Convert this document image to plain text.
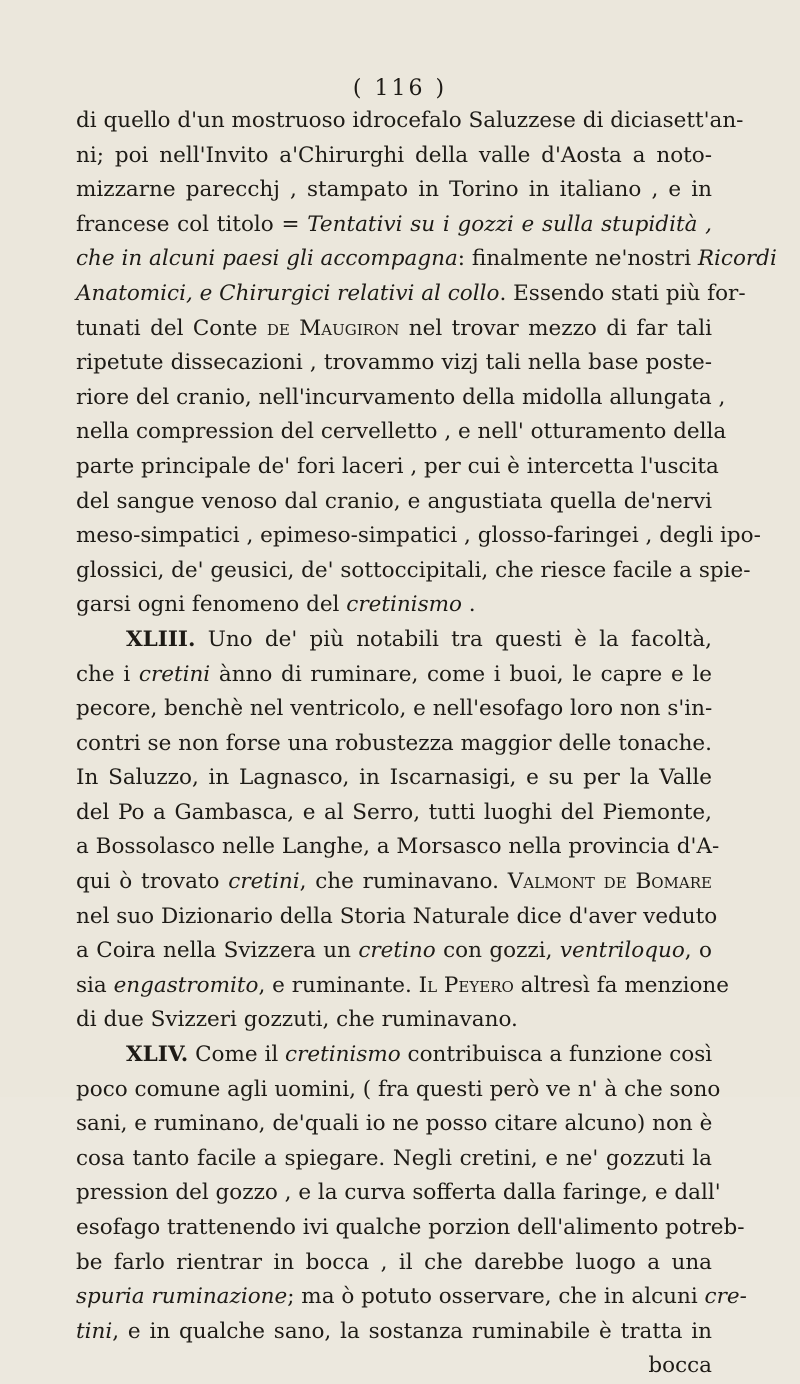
( 116 )
di quello d'un mostruoso idrocefalo Saluzzese di diciasett'an-
ni; poi nell'Invito a'Chirurghi della valle d'Aosta a noto-
mizzarne parecchj , stampato in Torino in italiano , e in
francese col titolo = Tentativi su i gozzi e sulla stupidità ,
che in alcuni paesi gli accompagna: finalmente ne'nostri Ricordi
Anatomici, e Chirurgici relativi al collo. Essendo stati più for-
tunati del Conte de Maugiron nel trovar mezzo di far tali
ripetute dissecazioni , trovammo vizj tali nella base poste-
riore del cranio, nell'incurvamento della midolla allungata ,
nella compression del cervelletto , e nell' otturamento della
parte principale de' fori laceri , per cui è intercetta l'uscita
del sangue venoso dal cranio, e angustiata quella de'nervi
meso-simpatici , epimeso-simpatici , glosso-faringei , degli ipo-
glossici, de' geusici, de' sottoccipitali, che riesce facile a spie-
garsi ogni fenomeno del cretinismo .
XLIII. Uno de' più notabili tra questi è la facoltà,
che i cretini ànno di ruminare, come i buoi, le capre e le
pecore, benchè nel ventricolo, e nell'esofago loro non s'in-
contri se non forse una robustezza maggior delle tonache.
In Saluzzo, in Lagnasco, in Iscarnasigi, e su per la Valle
del Po a Gambasca, e al Serro, tutti luoghi del Piemonte,
a Bossolasco nelle Langhe, a Morsasco nella provincia d'A-
qui ò trovato cretini, che ruminavano. Valmont de Bomare
nel suo Dizionario della Storia Naturale dice d'aver veduto
a Coira nella Svizzera un cretino con gozzi, ventriloquo, o
sia engastromito, e ruminante. Il Peyero altresì fa menzione
di due Svizzeri gozzuti, che ruminavano.
XLIV. Come il cretinismo contribuisca a funzione così
poco comune agli uomini, ( fra questi però ve n' à che sono
sani, e ruminano, de'quali io ne posso citare alcuno) non è
cosa tanto facile a spiegare. Negli cretini, e ne' gozzuti la
pression del gozzo , e la curva sofferta dalla faringe, e dall'
esofago trattenendo ivi qualche porzion dell'alimento potreb-
be farlo rientrar in bocca , il che darebbe luogo a una
spuria ruminazione; ma ò potuto osservare, che in alcuni cre-
tini, e in qualche sano, la sostanza ruminabile è tratta in
bocca
